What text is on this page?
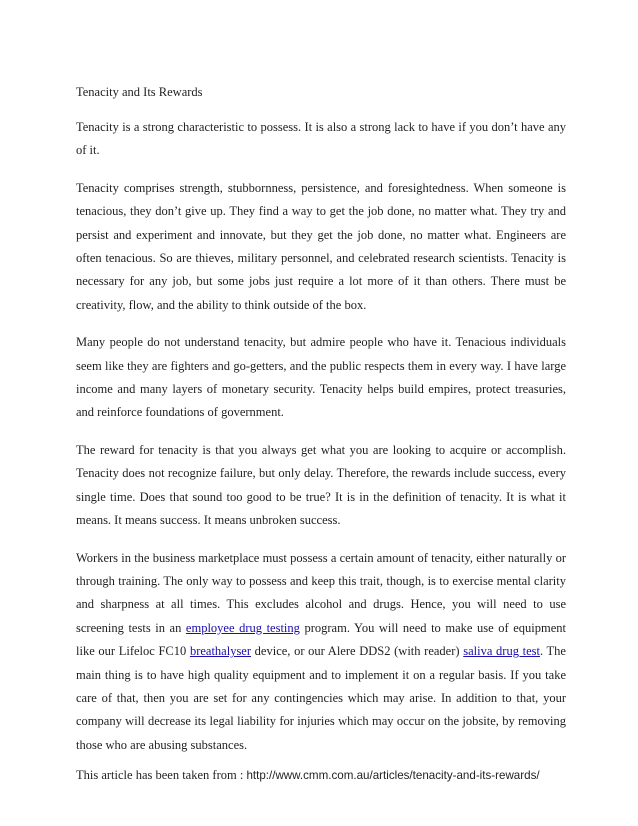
Tenacity and Its Rewards

Tenacity is a strong characteristic to possess. It is also a strong lack to have if you don’t have any of it.

Tenacity comprises strength, stubbornness, persistence, and foresightedness. When someone is tenacious, they don’t give up. They find a way to get the job done, no matter what. They try and persist and experiment and innovate, but they get the job done, no matter what. Engineers are often tenacious. So are thieves, military personnel, and celebrated research scientists. Tenacity is necessary for any job, but some jobs just require a lot more of it than others. There must be creativity, flow, and the ability to think outside of the box.

Many people do not understand tenacity, but admire people who have it. Tenacious individuals seem like they are fighters and go-getters, and the public respects them in every way. I have large income and many layers of monetary security. Tenacity helps build empires, protect treasuries, and reinforce foundations of government.

The reward for tenacity is that you always get what you are looking to acquire or accomplish. Tenacity does not recognize failure, but only delay. Therefore, the rewards include success, every single time. Does that sound too good to be true? It is in the definition of tenacity. It is what it means. It means success. It means unbroken success.

Workers in the business marketplace must possess a certain amount of tenacity, either naturally or through training. The only way to possess and keep this trait, though, is to exercise mental clarity and sharpness at all times. This excludes alcohol and drugs. Hence, you will need to use screening tests in an employee drug testing program. You will need to make use of equipment like our Lifeloc FC10 breathalyser device, or our Alere DDS2 (with reader) saliva drug test. The main thing is to have high quality equipment and to implement it on a regular basis. If you take care of that, then you are set for any contingencies which may arise. In addition to that, your company will decrease its legal liability for injuries which may occur on the jobsite, by removing those who are abusing substances.

This article has been taken from : http://www.cmm.com.au/articles/tenacity-and-its-rewards/
